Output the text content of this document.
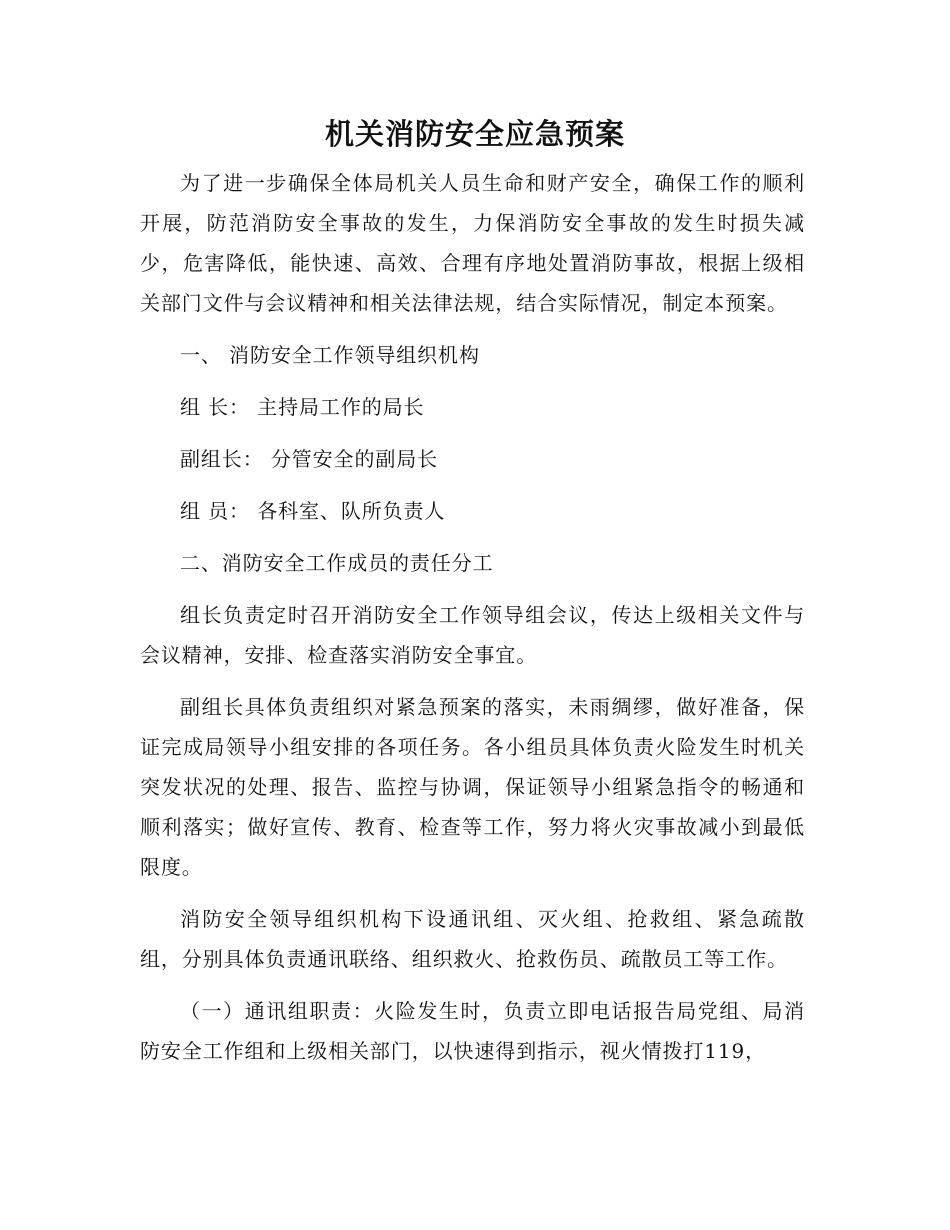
机关消防安全应急预案

为了进一步确保全体局机关人员生命和财产安全，确保工作的顺利开展，防范消防安全事故的发生，力保消防安全事故的发生时损失减少，危害降低，能快速、高效、合理有序地处置消防事故，根据上级相关部门文件与会议精神和相关法律法规，结合实际情况，制定本预案。

一、 消防安全工作领导组织机构

组 长： 主持局工作的局长

副组长： 分管安全的副局长

组 员： 各科室、队所负责人

二、消防安全工作成员的责任分工

组长负责定时召开消防安全工作领导组会议，传达上级相关文件与会议精神，安排、检查落实消防安全事宜。

副组长具体负责组织对紧急预案的落实，未雨绸缪，做好准备，保证完成局领导小组安排的各项任务。各小组员具体负责火险发生时机关突发状况的处理、报告、监控与协调，保证领导小组紧急指令的畅通和顺利落实；做好宣传、教育、检查等工作，努力将火灾事故减小到最低限度。

消防安全领导组织机构下设通讯组、灭火组、抢救组、紧急疏散组，分别具体负责通讯联络、组织救火、抢救伤员、疏散员工等工作。

（一）通讯组职责：火险发生时，负责立即电话报告局党组、局消防安全工作组和上级相关部门，以快速得到指示，视火情拨打119，
